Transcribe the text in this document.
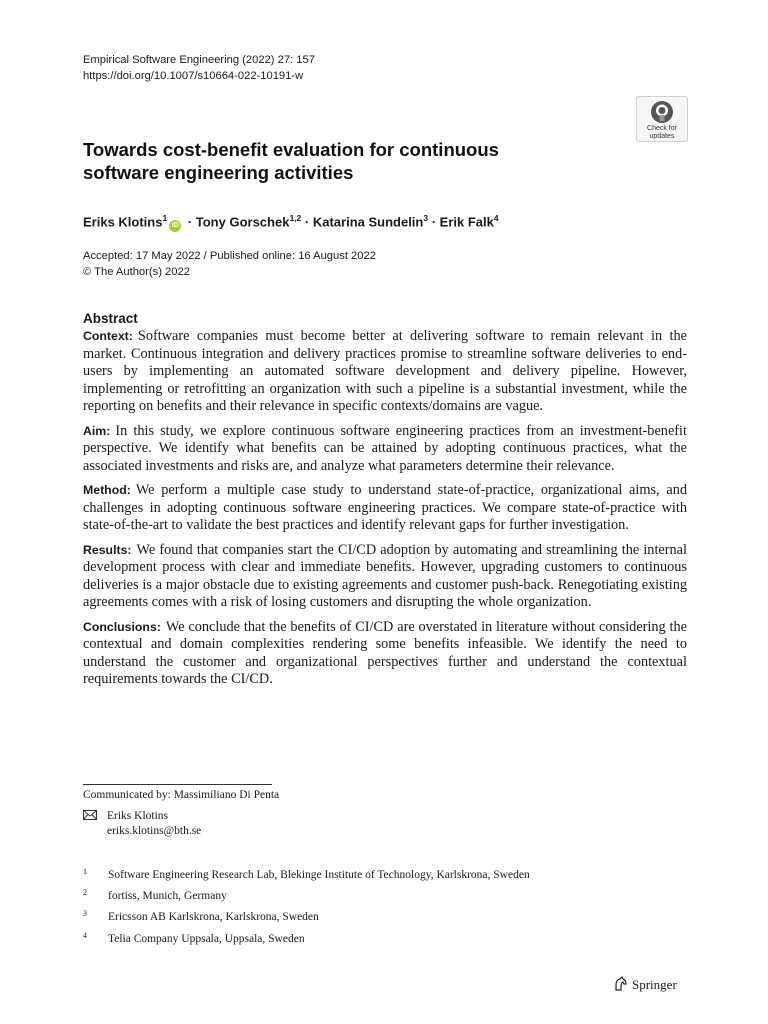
Empirical Software Engineering (2022) 27: 157
https://doi.org/10.1007/s10664-022-10191-w
Check for
updates
Towards cost-benefit evaluation for continuous
software engineering activities
Eriks Klotins$^1$iD · Tony Gorschek$^{1,2}$ · Katarina Sundelin$^3$ · Erik Falk$^4$
Accepted: 17 May 2022 / Published online: 16 August 2022
© The Author(s) 2022
Abstract

Context: Software companies must become better at delivering software to remain relevant in the market. Continuous integration and delivery practices promise to streamline software deliveries to end-users by implementing an automated software development and delivery pipeline. However, implementing or retrofitting an organization with such a pipeline is a substantial investment, while the reporting on benefits and their relevance in specific contexts/domains are vague.

Aim: In this study, we explore continuous software engineering practices from an investment-benefit perspective. We identify what benefits can be attained by adopting continuous practices, what the associated investments and risks are, and analyze what parameters determine their relevance.

Method: We perform a multiple case study to understand state-of-practice, organizational aims, and challenges in adopting continuous software engineering practices. We compare state-of-practice with state-of-the-art to validate the best practices and identify relevant gaps for further investigation.

Results: We found that companies start the CI/CD adoption by automating and streamlining the internal development process with clear and immediate benefits. However, upgrading customers to continuous deliveries is a major obstacle due to existing agreements and customer push-back. Renegotiating existing agreements comes with a risk of losing customers and disrupting the whole organization.

Conclusions: We conclude that the benefits of CI/CD are overstated in literature without considering the contextual and domain complexities rendering some benefits infeasible. We identify the need to understand the customer and organizational perspectives further and understand the contextual requirements towards the CI/CD.

Communicated by: Massimiliano Di Penta
Eriks Klotins
eriks.klotins@bth.se
1 Software Engineering Research Lab, Blekinge Institute of Technology, Karlskrona, Sweden
2 fortiss, Munich, Germany
3 Ericsson AB Karlskrona, Karlskrona, Sweden
4 Telia Company Uppsala, Uppsala, Sweden
Springer
